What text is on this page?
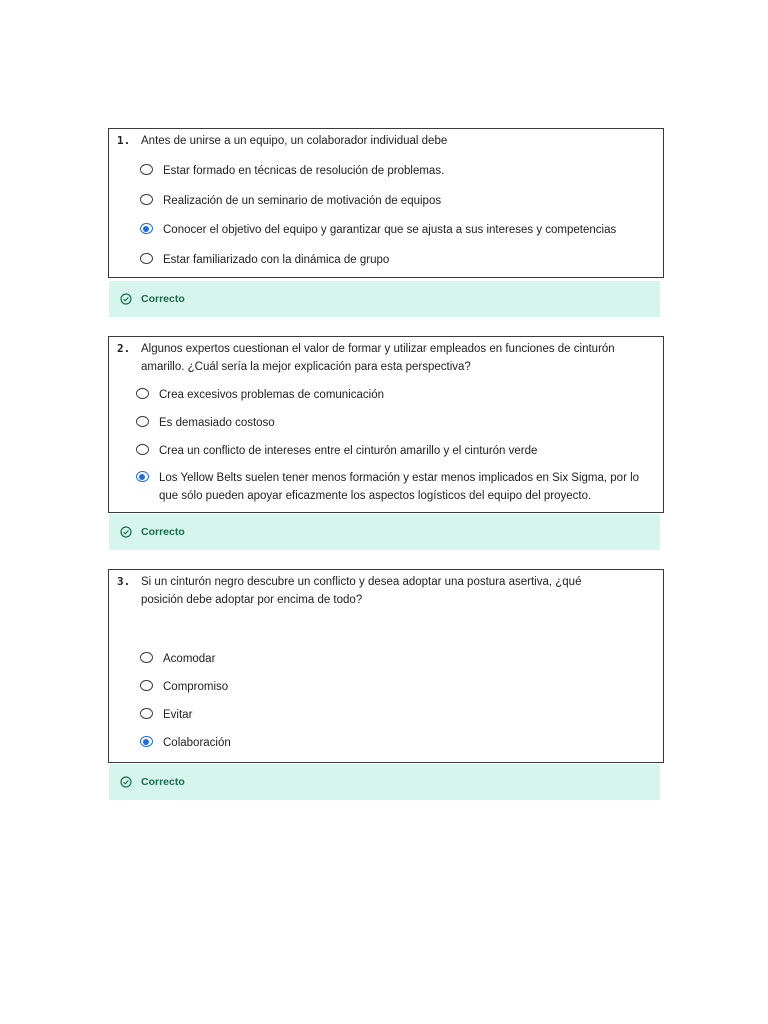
1. Antes de unirse a un equipo, un colaborador individual debe
Estar formado en técnicas de resolución de problemas.
Realización de un seminario de motivación de equipos
Conocer el objetivo del equipo y garantizar que se ajusta a sus intereses y competencias
Estar familiarizado con la dinámica de grupo
Correcto
2. Algunos expertos cuestionan el valor de formar y utilizar empleados en funciones de cinturón amarillo. ¿Cuál sería la mejor explicación para esta perspectiva?
Crea excesivos problemas de comunicación
Es demasiado costoso
Crea un conflicto de intereses entre el cinturón amarillo y el cinturón verde
Los Yellow Belts suelen tener menos formación y estar menos implicados en Six Sigma, por lo que sólo pueden apoyar eficazmente los aspectos logísticos del equipo del proyecto.
Correcto
3. Si un cinturón negro descubre un conflicto y desea adoptar una postura asertiva, ¿qué posición debe adoptar por encima de todo?
Acomodar
Compromiso
Evitar
Colaboración
Correcto
